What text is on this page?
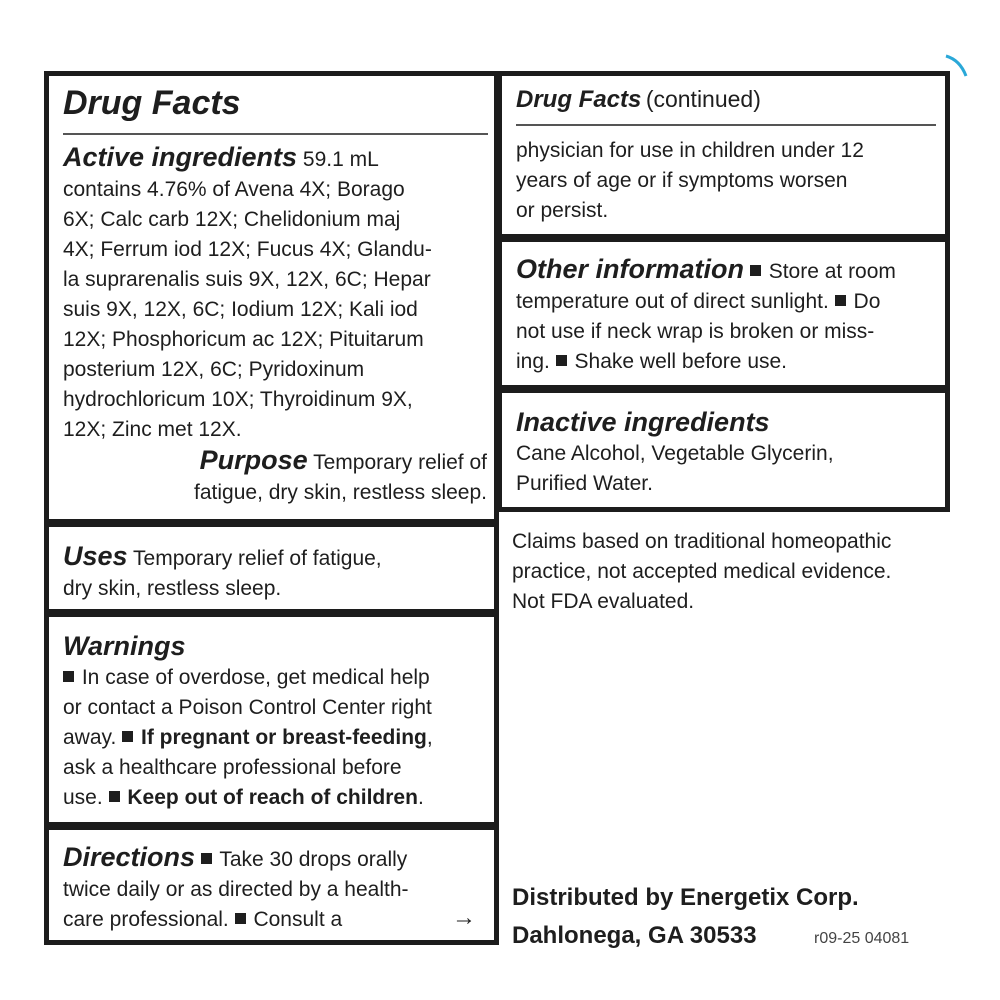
Drug Facts

Active ingredients 59.1 mL

contains 4.76% of Avena 4X; Borago

6X; Calc carb 12X; Chelidonium maj

4X; Ferrum iod 12X; Fucus 4X; Glandu-

la suprarenalis suis 9X, 12X, 6C; Hepar

suis 9X, 12X, 6C; Iodium 12X; Kali iod

12X; Phosphoricum ac 12X; Pituitarum

posterium 12X, 6C; Pyridoxinum

hydrochloricum 10X; Thyroidinum 9X,

12X; Zinc met 12X.

Purpose Temporary relief of

fatigue, dry skin, restless sleep.

Uses Temporary relief of fatigue,

dry skin, restless sleep.

Warnings

In case of overdose, get medical help

or contact a Poison Control Center right

away. If pregnant or breast-feeding,

ask a healthcare professional before

use. Keep out of reach of children.

Directions Take 30 drops orally

twice daily or as directed by a health-

care professional. Consult a	→
Drug Facts (continued)

physician for use in children under 12

years of age or if symptoms worsen

or persist.

Other information Store at room

temperature out of direct sunlight. Do

not use if neck wrap is broken or miss-

ing. Shake well before use.

Inactive ingredients

Cane Alcohol, Vegetable Glycerin,

Purified Water.

Claims based on traditional homeopathic

practice, not accepted medical evidence.

Not FDA evaluated.

Distributed by Energetix Corp.
Dahlonega, GA 30533	r09-25 04081
